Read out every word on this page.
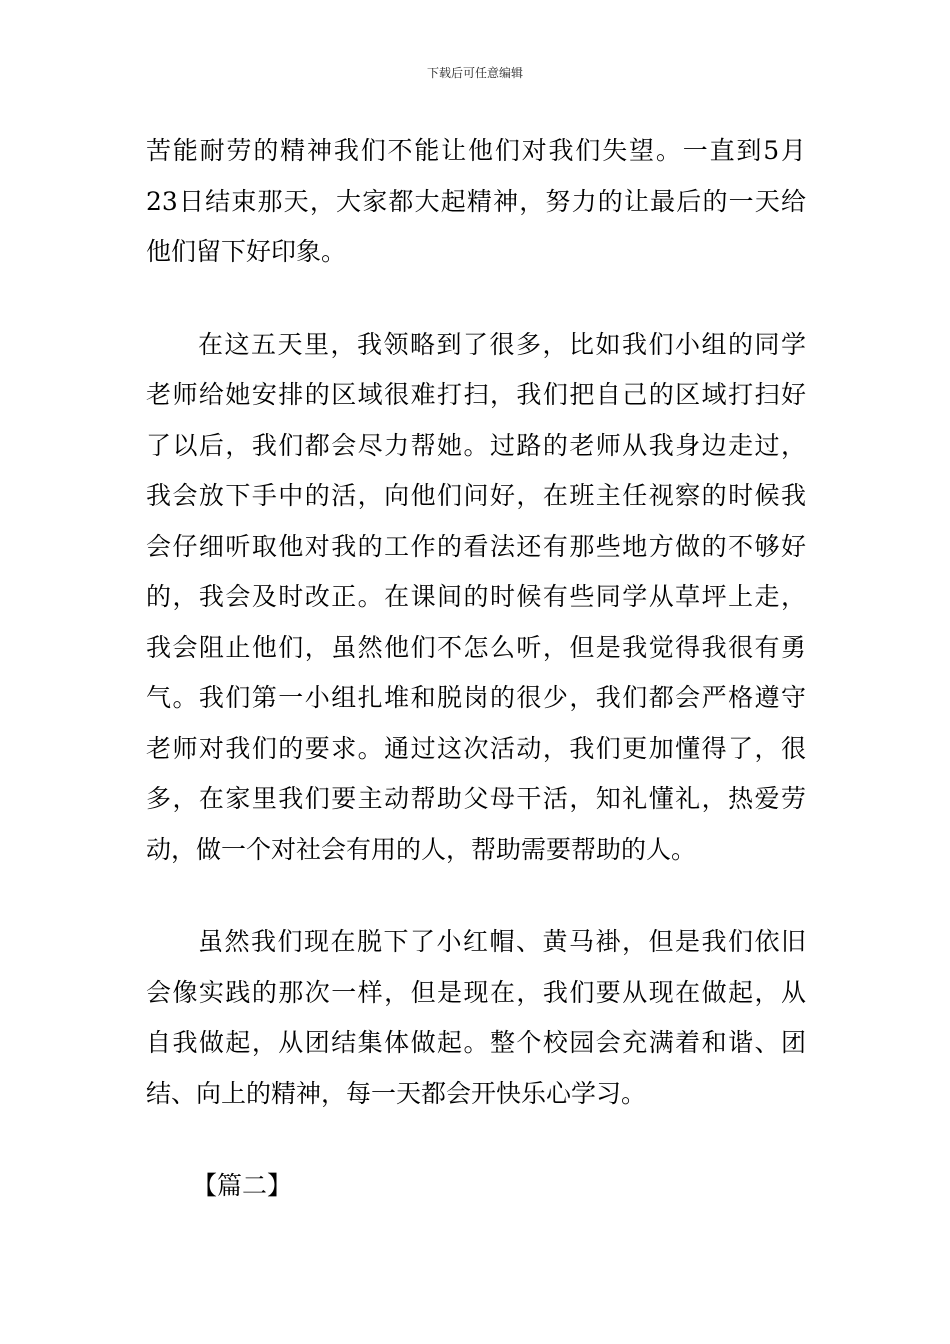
下载后可任意编辑
苦能耐劳的精神我们不能让他们对我们失望。一直到5月
23日结束那天，大家都大起精神，努力的让最后的一天给
他们留下好印象。
在这五天里，我领略到了很多，比如我们小组的同学
老师给她安排的区域很难打扫，我们把自己的区域打扫好
了以后，我们都会尽力帮她。过路的老师从我身边走过，
我会放下手中的活，向他们问好，在班主任视察的时候我
会仔细听取他对我的工作的看法还有那些地方做的不够好
的，我会及时改正。在课间的时候有些同学从草坪上走，
我会阻止他们，虽然他们不怎么听，但是我觉得我很有勇
气。我们第一小组扎堆和脱岗的很少，我们都会严格遵守
老师对我们的要求。通过这次活动，我们更加懂得了，很
多，在家里我们要主动帮助父母干活，知礼懂礼，热爱劳
动，做一个对社会有用的人，帮助需要帮助的人。
虽然我们现在脱下了小红帽、黄马褂，但是我们依旧
会像实践的那次一样，但是现在，我们要从现在做起，从
自我做起，从团结集体做起。整个校园会充满着和谐、团
结、向上的精神，每一天都会开快乐心学习。
【篇二】
